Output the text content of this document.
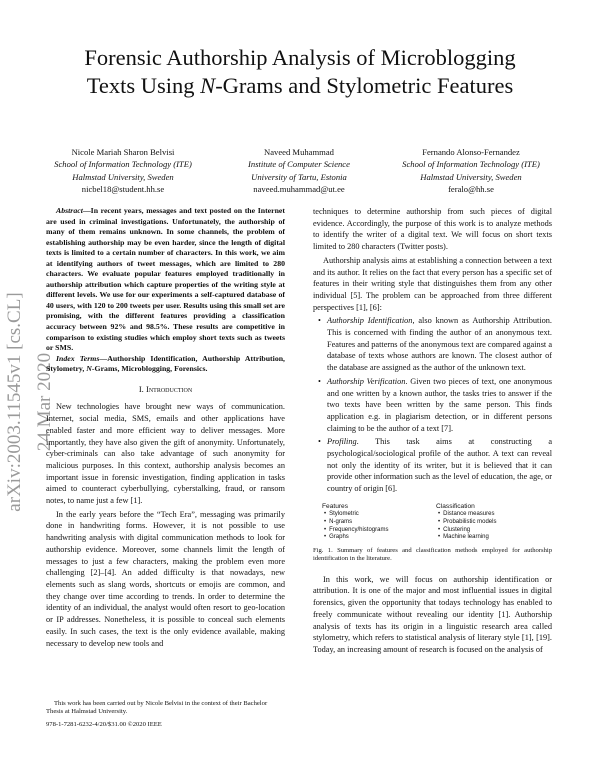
Forensic Authorship Analysis of Microblogging
Texts Using N-Grams and Stylometric Features
Nicole Mariah Sharon Belvisi
School of Information Technology (ITE)
Halmstad University, Sweden
nicbel18@student.hh.se
Naveed Muhammad
Institute of Computer Science
University of Tartu, Estonia
naveed.muhammad@ut.ee
Fernando Alonso-Fernandez
School of Information Technology (ITE)
Halmstad University, Sweden
feralo@hh.se
arXiv:2003.11545v1 [cs.CL] 24 Mar 2020

Abstract—In recent years, messages and text posted on the Internet are used in criminal investigations. Unfortunately, the authorship of many of them remains unknown. In some channels, the problem of establishing authorship may be even harder, since the length of digital texts is limited to a certain number of characters. In this work, we aim at identifying authors of tweet messages, which are limited to 280 characters. We evaluate popular features employed traditionally in authorship attribution which capture properties of the writing style at different levels. We use for our experiments a self-captured database of 40 users, with 120 to 200 tweets per user. Results using this small set are promising, with the different features providing a classification accuracy between 92% and 98.5%. These results are competitive in comparison to existing studies which employ short texts such as tweets or SMS.

Index Terms—Authorship Identification, Authorship Attribution, Stylometry, N-Grams, Microblogging, Forensics.

I. Introduction

New technologies have brought new ways of communication. Internet, social media, SMS, emails and other applications have enabled faster and more efficient way to deliver messages. More importantly, they have also given the gift of anonymity. Unfortunately, cyber-criminals can also take advantage of such anonymity for malicious purposes. In this context, authorship analysis becomes an important issue in forensic investigation, finding application in tasks aimed to counteract cyberbullying, cyberstalking, fraud, or ransom notes, to name just a few [1].

In the early years before the “Tech Era”, messaging was primarily done in handwriting forms. However, it is not possible to use handwriting analysis with digital communication methods to look for authorship evidence. Moreover, some channels limit the length of messages to just a few characters, making the problem even more challenging [2]–[4]. An added difficulty is that nowadays, new elements such as slang words, shortcuts or emojis are common, and they change over time according to trends. In order to determine the identity of an individual, the analyst would often resort to geo-location or IP addresses. Nonetheless, it is possible to conceal such elements easily. In such cases, the text is the only evidence available, making necessary to develop new tools and

This work has been carried out by Nicole Belvisi in the context of their Bachelor Thesis at Halmstad University.
978-1-7281-6232-4/20/$31.00 ©2020 IEEE

techniques to determine authorship from such pieces of digital evidence. Accordingly, the purpose of this work is to analyze methods to identify the writer of a digital text. We will focus on short texts limited to 280 characters (Twitter posts).

Authorship analysis aims at establishing a connection between a text and its author. It relies on the fact that every person has a specific set of features in their writing style that distinguishes them from any other individual [5]. The problem can be approached from three different perspectives [1], [6]:

• Authorship Identification, also known as Authorship Attribution. This is concerned with finding the author of an anonymous text. Features and patterns of the anonymous text are compared against a database of texts whose authors are known. The closest author of the database are assigned as the author of the unknown text.
• Authorship Verification. Given two pieces of text, one anonymous and one written by a known author, the tasks tries to answer if the two texts have been written by the same person. This finds application e.g. in plagiarism detection, or in different persons claiming to be the author of a text [7].
• Profiling. This task aims at constructing a psychological/sociological profile of the author. A text can reveal not only the identity of its writer, but it is believed that it can provide other information such as the level of education, the age, or country of origin [6].
Features
• Stylometric
• N-grams
• Frequency/histograms
• Graphs
Classification
• Distance measures
• Probabilistic models
• Clustering
• Machine learning
Fig. 1. Summary of features and classification methods employed for authorship identification in the literature.

In this work, we will focus on authorship identification or attribution. It is one of the major and most influential issues in digital forensics, given the opportunity that todays technology has enabled to freely communicate without revealing our identity [1]. Authorship analysis of texts has its origin in a linguistic research area called stylometry, which refers to statistical analysis of literary style [1], [19]. Today, an increasing amount of research is focused on the analysis of
